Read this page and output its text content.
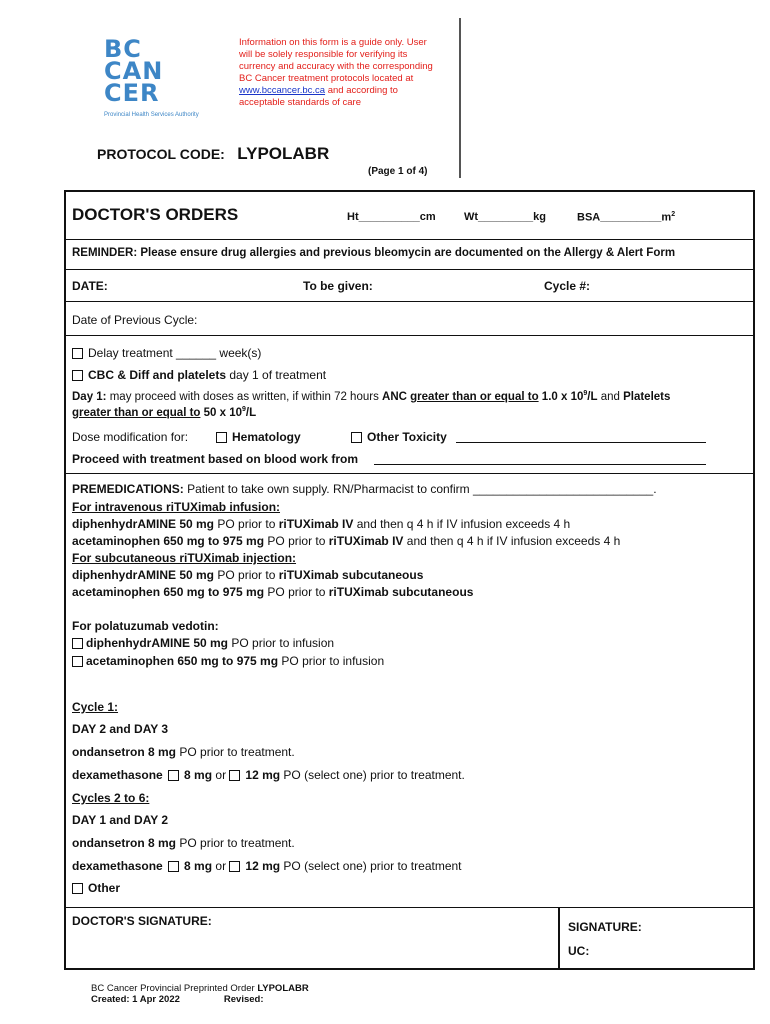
BC
CAN
CER
Provincial Health Services Authority
Information on this form is a guide only. User
will be solely responsible for verifying its
currency and accuracy with the corresponding
BC Cancer treatment protocols located at
www.bccancer.bc.ca and according to
acceptable standards of care
PROTOCOL CODE: LYPOLABR
(Page 1 of 4)
DOCTOR'S ORDERS	Ht__________cm	Wt_________kg	$BSA\_\_\_\_\_\_\_\_\_\_m^2$
REMINDER: Please ensure drug allergies and previous bleomycin are documented on the Allergy & Alert Form
DATE:	To be given:	Cycle #:
Date of Previous Cycle:
Delay treatment ______ week(s)
CBC & Diff and platelets day 1 of treatment
Day 1: may proceed with doses as written, if within 72 hours ANC greater than or equal to 1.0 x $10^9/L$ and Platelets
greater than or equal to 50 x $10^9/L$
Dose modification for:	Hematology	Other Toxicity
Proceed with treatment based on blood work from
PREMEDICATIONS: Patient to take own supply. RN/Pharmacist to confirm ___________________________.
For intravenous riTUXimab infusion:
diphenhydrAMINE 50 mg PO prior to riTUXimab IV and then q 4 h if IV infusion exceeds 4 h
acetaminophen 650 mg to 975 mg PO prior to riTUXimab IV and then q 4 h if IV infusion exceeds 4 h
For subcutaneous riTUXimab injection:
diphenhydrAMINE 50 mg PO prior to riTUXimab subcutaneous
acetaminophen 650 mg to 975 mg PO prior to riTUXimab subcutaneous
For polatuzumab vedotin:
diphenhydrAMINE 50 mg PO prior to infusion
acetaminophen 650 mg to 975 mg PO prior to infusion
Cycle 1:
DAY 2 and DAY 3
ondansetron 8 mg PO prior to treatment.
dexamethasone 8 mg or 12 mg PO (select one) prior to treatment.
Cycles 2 to 6:
DAY 1 and DAY 2
ondansetron 8 mg PO prior to treatment.
dexamethasone 8 mg or 12 mg PO (select one) prior to treatment
Other
DOCTOR'S SIGNATURE:	SIGNATURE:
UC:
BC Cancer Provincial Preprinted Order LYPOLABR
Created: 1 Apr 2022	Revised:
